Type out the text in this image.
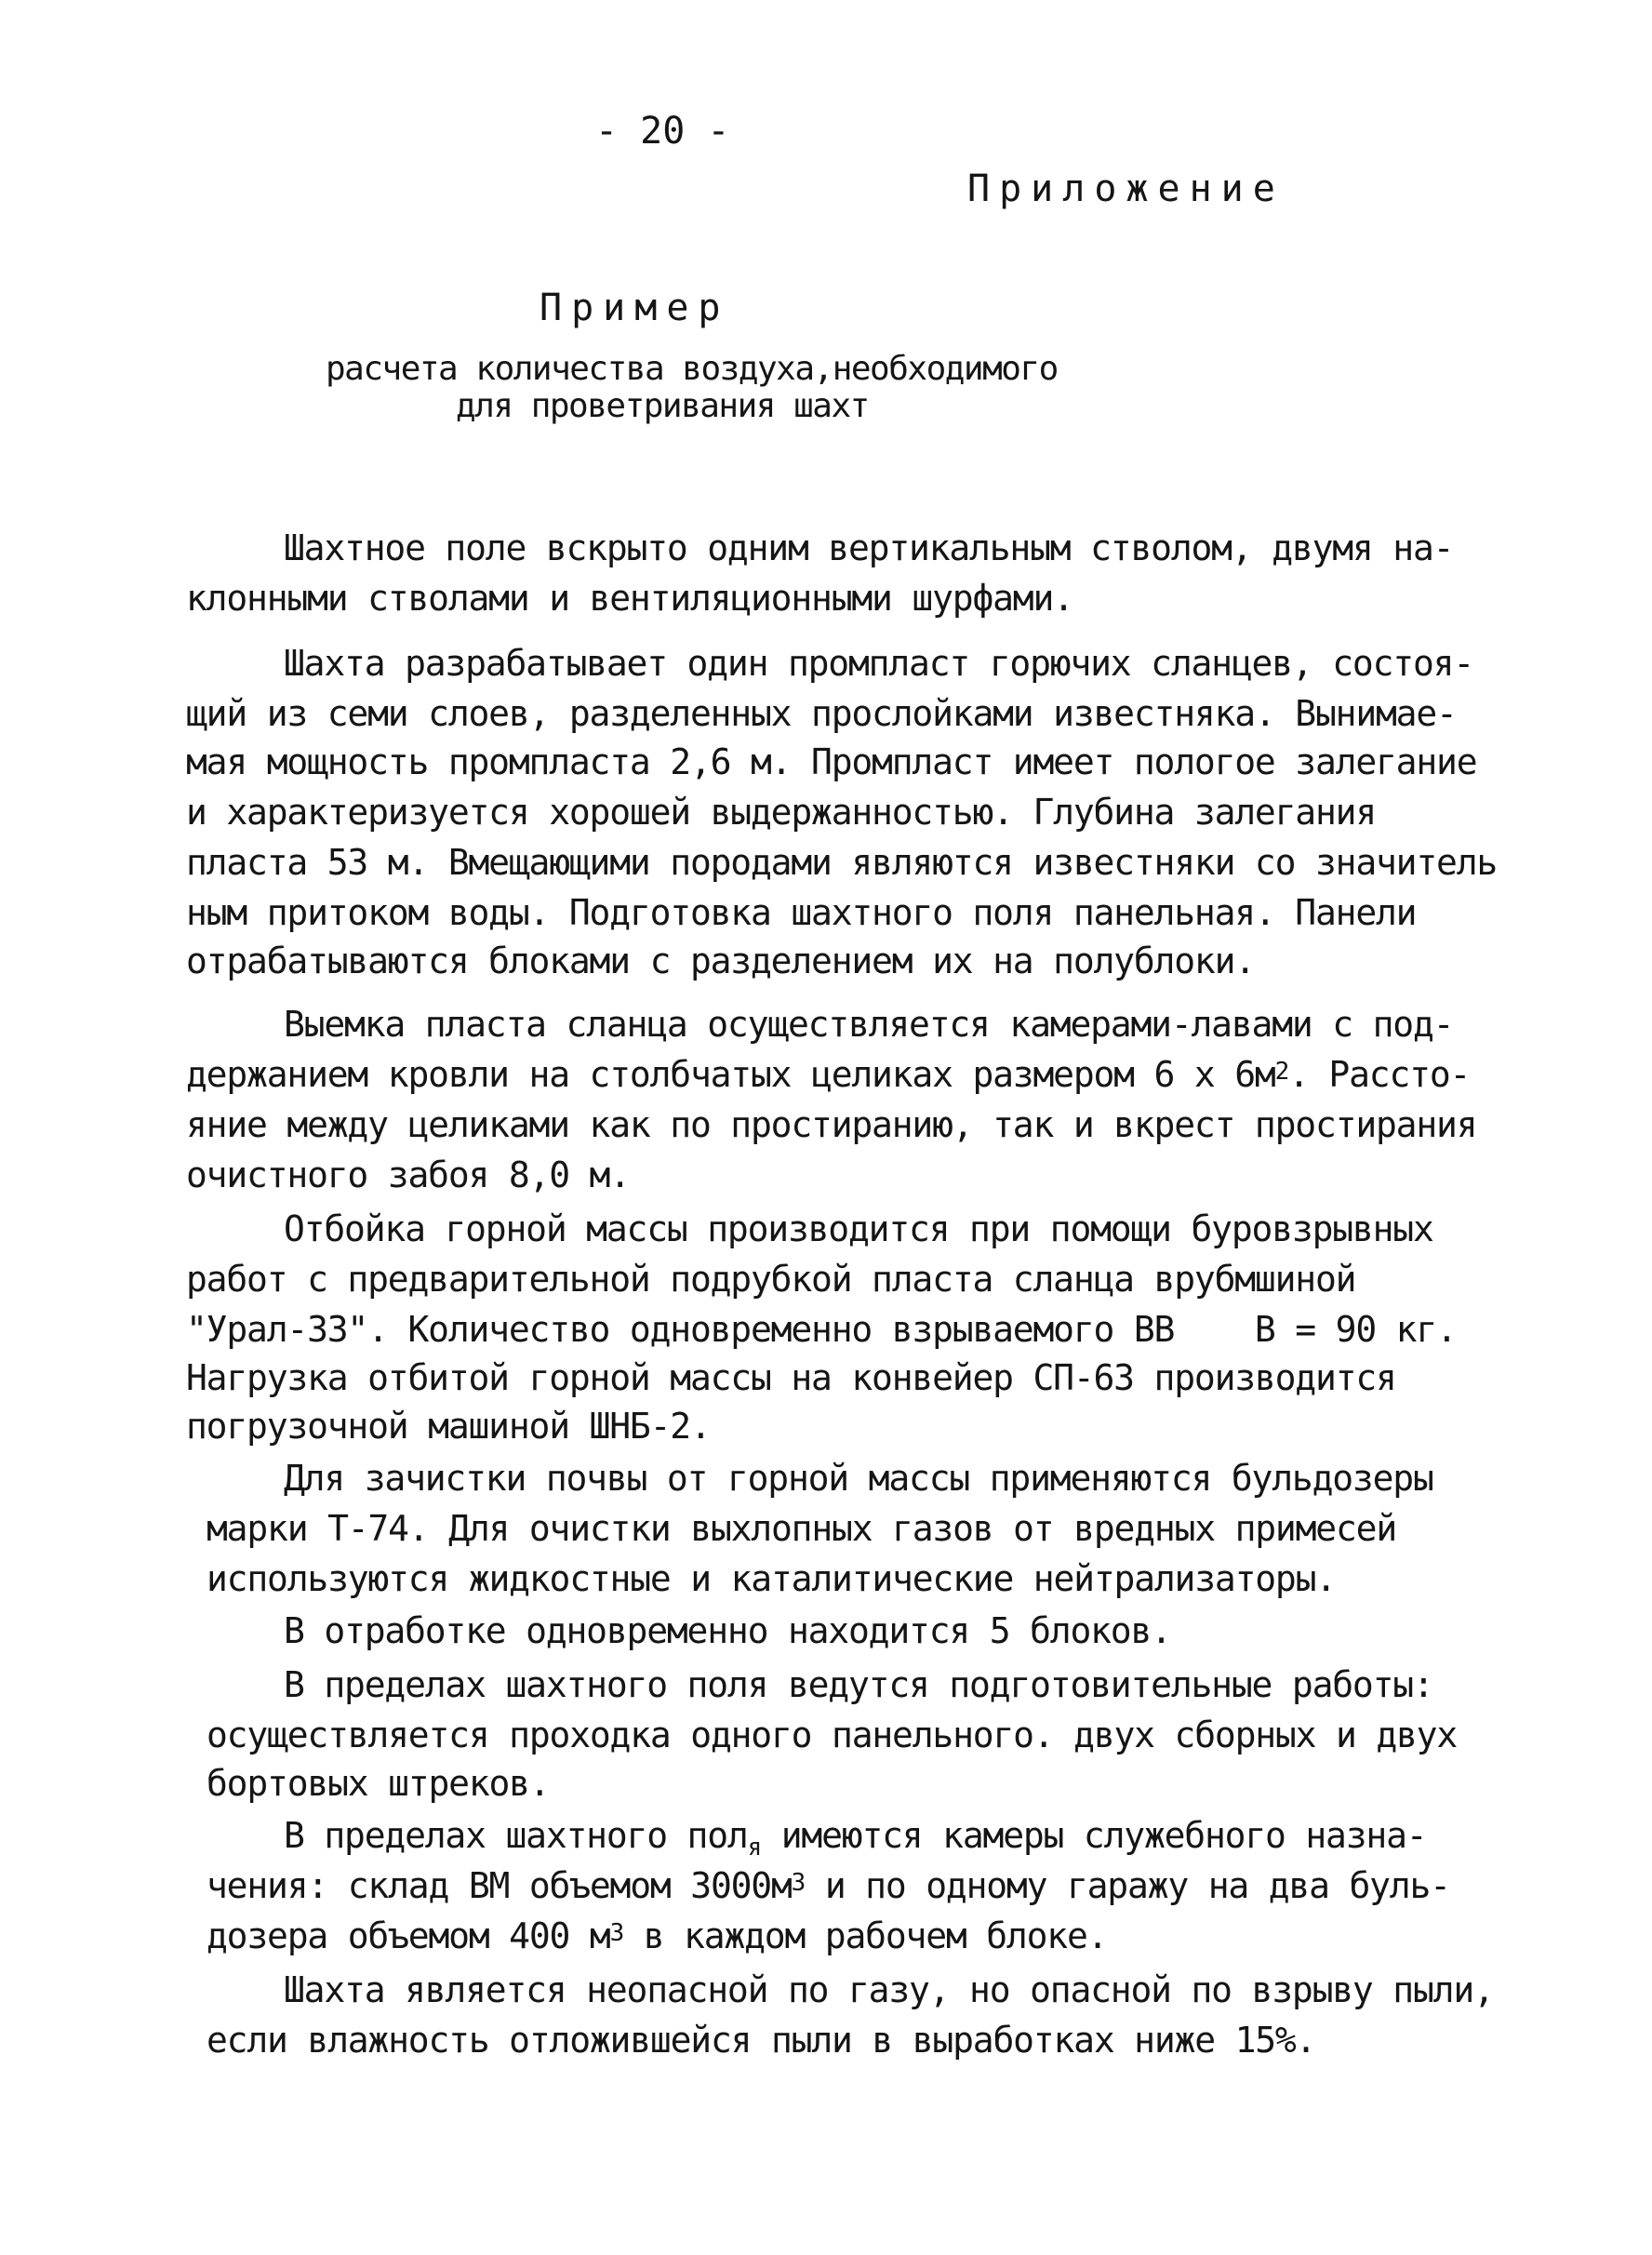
- 20 -
Приложение
Пример
расчета количества воздуха,необходимого
для проветривания шахт
Шахтное поле вскрыто одним вертикальным стволом, двумя на-
клонными стволами и вентиляционными шурфами.
Шахта разрабатывает один промпласт горючих сланцев, состоя-
щий из семи слоев, разделенных прослойками известняка. Вынимае-
мая мощность промпласта 2,6 м. Промпласт имеет пологое залегание
и характеризуется хорошей выдержанностью. Глубина залегания
пласта 53 м. Вмещающими породами являются известняки со значитель
ным притоком воды. Подготовка шахтного поля панельная. Панели
отрабатываются блоками с разделением их на полублоки.
Выемка пласта сланца осуществляется камерами-лавами с под-
держанием кровли на столбчатых целиках размером 6 х $6м^2$. Рассто-
яние между целиками как по простиранию, так и вкрест простирания
очистного забоя 8,0 м.
Отбойка горной массы производится при помощи буровзрывных
работ с предварительной подрубкой пласта сланца врубмшиной
"Урал-33". Количество одновременно взрываемого ВВ    В = 90 кг.
Нагрузка отбитой горной массы на конвейер СП-63 производится
погрузочной машиной ШНБ-2.
Для зачистки почвы от горной массы применяются бульдозеры
марки Т-74. Для очистки выхлопных газов от вредных примесей
используются жидкостные и каталитические нейтрализаторы.
В отработке одновременно находится 5 блоков.
В пределах шахтного поля ведутся подготовительные работы:
осуществляется проходка одного панельного. двух сборных и двух
бортовых штреков.
В пределах шахтного пол$_я$ имеются камеры служебного назна-
чения: склад ВМ объемом $3000м^3$ и по одному гаражу на два буль-
дозера объемом 400 $м^3$ в каждом рабочем блоке.
Шахта является неопасной по газу, но опасной по взрыву пыли,
если влажность отложившейся пыли в выработках ниже 15%.
